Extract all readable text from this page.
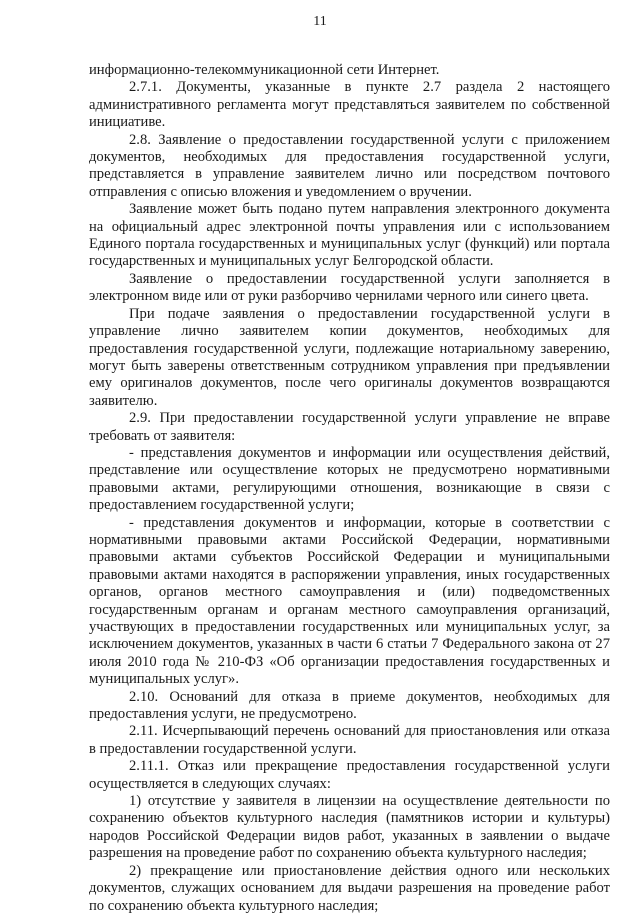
11

информационно-телекоммуникационной сети Интернет.

2.7.1. Документы, указанные в пункте 2.7 раздела 2 настоящего административного регламента могут представляться заявителем по собственной инициативе.

2.8. Заявление о предоставлении государственной услуги с приложением документов, необходимых для предоставления государственной услуги, представляется в управление заявителем лично или посредством почтового отправления с описью вложения и уведомлением о вручении.

Заявление может быть подано путем направления электронного документа на официальный адрес электронной почты управления или с использованием Единого портала государственных и муниципальных услуг (функций) или портала государственных и муниципальных услуг Белгородской области.

Заявление о предоставлении государственной услуги заполняется в электронном виде или от руки разборчиво чернилами черного или синего цвета.

При подаче заявления о предоставлении государственной услуги в управление лично заявителем копии документов, необходимых для предоставления государственной услуги, подлежащие нотариальному заверению, могут быть заверены ответственным сотрудником управления при предъявлении ему оригиналов документов, после чего оригиналы документов возвращаются заявителю.

2.9. При предоставлении государственной услуги управление не вправе требовать от заявителя:

- представления документов и информации или осуществления действий, представление или осуществление которых не предусмотрено нормативными правовыми актами, регулирующими отношения, возникающие в связи с предоставлением государственной услуги;

- представления документов и информации, которые в соответствии с нормативными правовыми актами Российской Федерации, нормативными правовыми актами субъектов Российской Федерации и муниципальными правовыми актами находятся в распоряжении управления, иных государственных органов, органов местного самоуправления и (или) подведомственных государственным органам и органам местного самоуправления организаций, участвующих в предоставлении государственных или муниципальных услуг, за исключением документов, указанных в части 6 статьи 7 Федерального закона от 27 июля 2010 года № 210-ФЗ «Об организации предоставления государственных и муниципальных услуг».

2.10. Оснований для отказа в приеме документов, необходимых для предоставления услуги, не предусмотрено.

2.11. Исчерпывающий перечень оснований для приостановления или отказа в предоставлении государственной услуги.

2.11.1. Отказ или прекращение предоставления государственной услуги осуществляется в следующих случаях:

1) отсутствие у заявителя в лицензии на осуществление деятельности по сохранению объектов культурного наследия (памятников истории и культуры) народов Российской Федерации видов работ, указанных в заявлении о выдаче разрешения на проведение работ по сохранению объекта культурного наследия;

2) прекращение или приостановление действия одного или нескольких документов, служащих основанием для выдачи разрешения на проведение работ по сохранению объекта культурного наследия;
